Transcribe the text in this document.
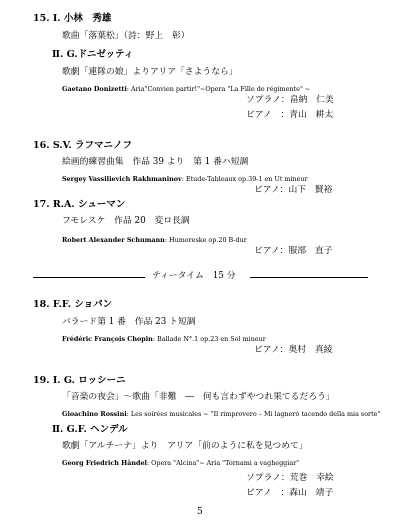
15. Ⅰ. 小林　秀雄
歌曲「落葉松」（詩：野上　彰）
Ⅱ. G.ドニゼッティ
歌劇「連隊の娘」よりアリア「さようなら」
Gaetano Donizetti: Aria"Convien partir!"~Opera "La Fille de régimente" ~
ソプラノ：畠納　仁美
ピアノ　：青山　耕太
16. S.V. ラフマニノフ
絵画的練習曲集　作品 39 より　第 1 番ハ短調
Sergey Vassilievich Rakhmaninov: Etude-Tableaux op.39-1 en Ut mineur
ピアノ：山下　賢裕
17. R.A. シューマン
フモレスケ　作品 20　変ロ長調
Robert Alexander Schumann: Humoreske op.20 B-dur
ピアノ：服部　直子
ティータイム　15 分
18. F.F. ショパン
バラード第 1 番　作品 23 ト短調
Frédéric François Chopin: Ballade N°.1 op.23 en Sol mineur
ピアノ：奥村　真綾
19. Ⅰ. G. ロッシーニ
「音楽の夜会」～歌曲「非難　―　何も言わずやつれ果てるだろう」
Gioachino Rossini: Les soirées musicales ~ "Il rimprovero – Mi lagnerò tacendo della mia sorte"
Ⅱ. G.F. ヘンデル
歌劇「アルチーナ」より　アリア「前のように私を見つめて」
Georg Friedrich Händel: Opera "Alcina"~ Aria "Tornami a vagheggiar"
ソプラノ：荒巻　幸絵
ピアノ　：森山　靖子
5
